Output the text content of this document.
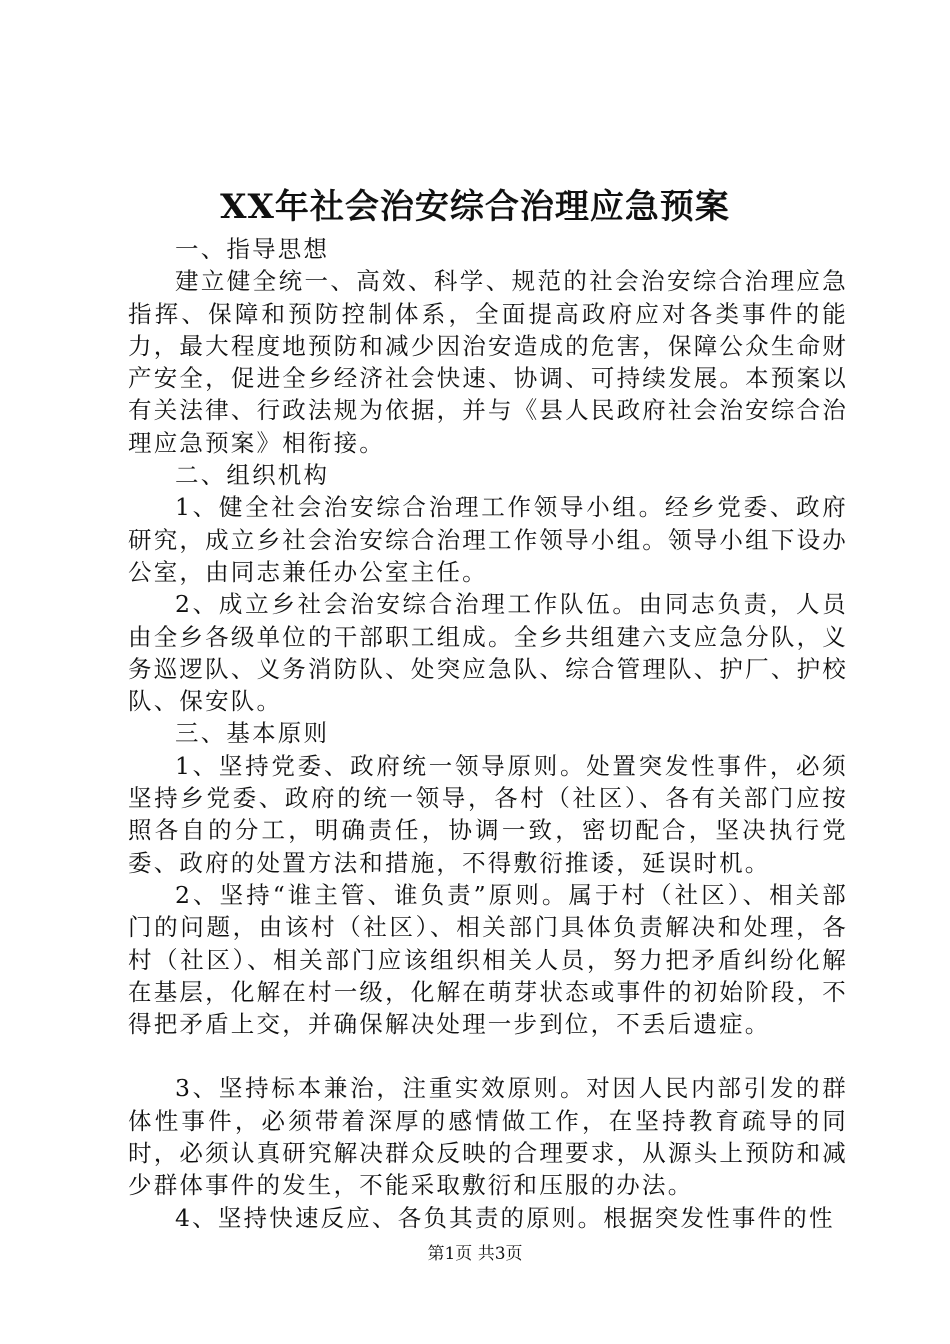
XX年社会治安综合治理应急预案
一、指导思想

建立健全统一、高效、科学、规范的社会治安综合治理应急指挥、保障和预防控制体系，全面提高政府应对各类事件的能力，最大程度地预防和减少因治安造成的危害，保障公众生命财产安全，促进全乡经济社会快速、协调、可持续发展。本预案以有关法律、行政法规为依据，并与《县人民政府社会治安综合治理应急预案》相衔接。

二、组织机构

1、健全社会治安综合治理工作领导小组。经乡党委、政府研究，成立乡社会治安综合治理工作领导小组。领导小组下设办公室，由同志兼任办公室主任。

2、成立乡社会治安综合治理工作队伍。由同志负责，人员由全乡各级单位的干部职工组成。全乡共组建六支应急分队，义务巡逻队、义务消防队、处突应急队、综合管理队、护厂、护校队、保安队。

三、基本原则

1、坚持党委、政府统一领导原则。处置突发性事件，必须坚持乡党委、政府的统一领导，各村（社区）、各有关部门应按照各自的分工，明确责任，协调一致，密切配合，坚决执行党委、政府的处置方法和措施，不得敷衍推诿，延误时机。

2、坚持“谁主管、谁负责”原则。属于村（社区）、相关部门的问题，由该村（社区）、相关部门具体负责解决和处理，各村（社区）、相关部门应该组织相关人员，努力把矛盾纠纷化解在基层，化解在村一级，化解在萌芽状态或事件的初始阶段，不得把矛盾上交，并确保解决处理一步到位，不丢后遗症。

3、坚持标本兼治，注重实效原则。对因人民内部引发的群体性事件，必须带着深厚的感情做工作，在坚持教育疏导的同时，必须认真研究解决群众反映的合理要求，从源头上预防和减少群体事件的发生，不能采取敷衍和压服的办法。

4、坚持快速反应、各负其责的原则。根据突发性事件的性

第1页 共3页
